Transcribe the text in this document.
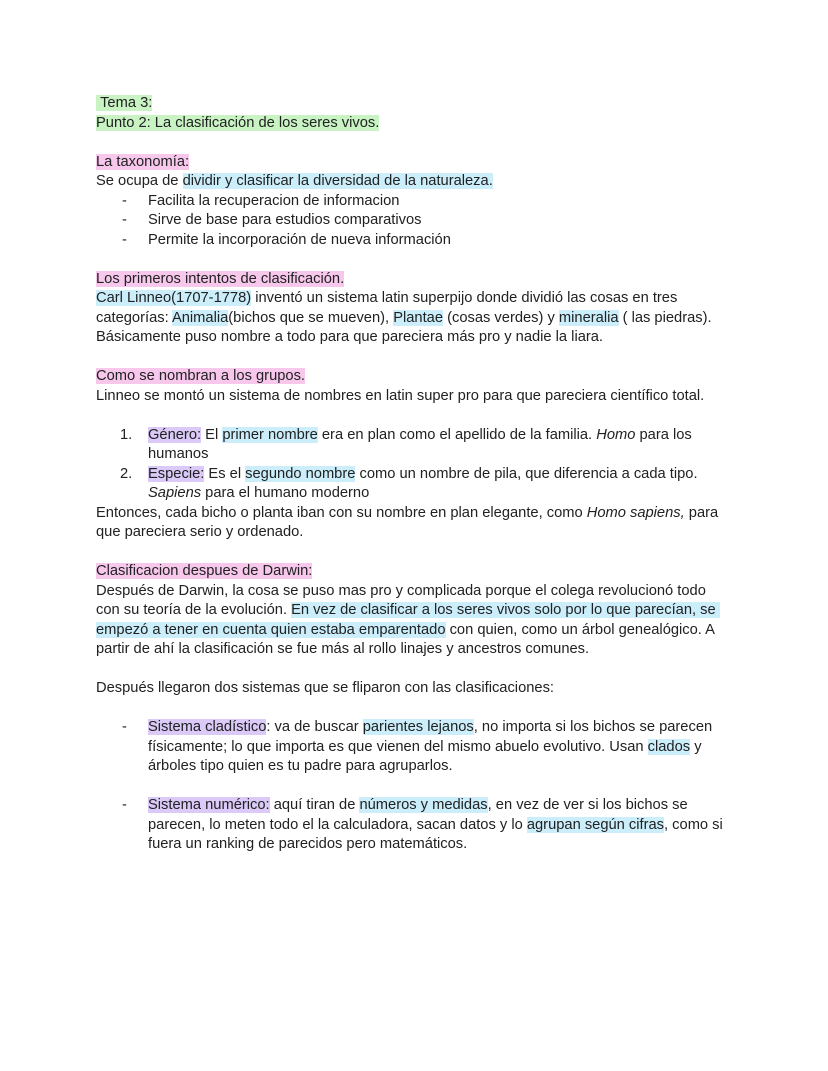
Tema 3:
Punto 2: La clasificación de los seres vivos.
La taxonomía:
Se ocupa de dividir y clasificar la diversidad de la naturaleza.
- Facilita la recuperacion de informacion
- Sirve de base para estudios comparativos
- Permite la incorporación de nueva información
Los primeros intentos de clasificación.
Carl Linneo(1707-1778) inventó un sistema latin superpijo donde dividió las cosas en tres categorías: Animalia(bichos que se mueven), Plantae (cosas verdes) y mineralia ( las piedras). Básicamente puso nombre a todo para que pareciera más pro y nadie la liara.
Como se nombran a los grupos.
Linneo se montó un sistema de nombres en latin super pro para que pareciera científico total.
1. Género: El primer nombre era en plan como el apellido de la familia. Homo para los humanos
2. Especie: Es el segundo nombre como un nombre de pila, que diferencia a cada tipo. Sapiens para el humano moderno
Entonces, cada bicho o planta iban con su nombre en plan elegante, como Homo sapiens, para que pareciera serio y ordenado.
Clasificacion despues de Darwin:
Después de Darwin, la cosa se puso mas pro y complicada porque el colega revolucionó todo con su teoría de la evolución. En vez de clasificar a los seres vivos solo por lo que parecían, se empezó a tener en cuenta quien estaba emparentado con quien, como un árbol genealógico. A partir de ahí la clasificación se fue más al rollo linajes y ancestros comunes.
Después llegaron dos sistemas que se fliparon con las clasificaciones:
- Sistema cladístico: va de buscar parientes lejanos, no importa si los bichos se parecen físicamente; lo que importa es que vienen del mismo abuelo evolutivo. Usan clados y árboles tipo quien es tu padre para agruparlos.
- Sistema numérico: aquí tiran de números y medidas, en vez de ver si los bichos se parecen, lo meten todo el la calculadora, sacan datos y lo agrupan según cifras, como si fuera un ranking de parecidos pero matemáticos.
